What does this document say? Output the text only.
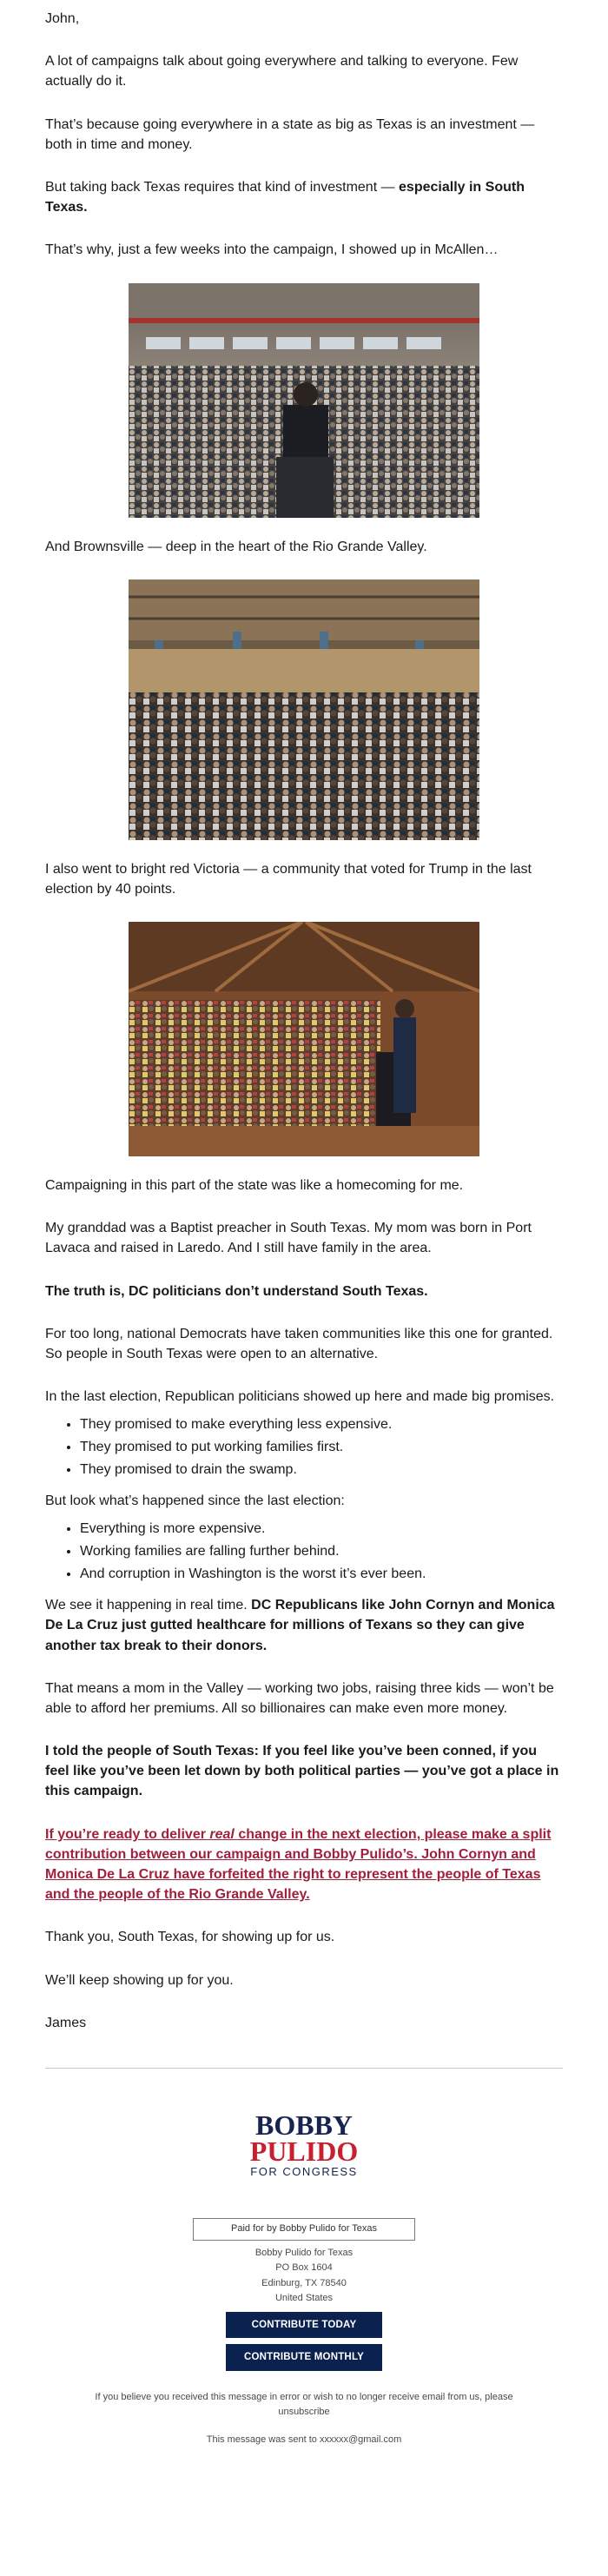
John,
A lot of campaigns talk about going everywhere and talking to everyone. Few actually do it.
That’s because going everywhere in a state as big as Texas is an investment — both in time and money.
But taking back Texas requires that kind of investment — especially in South Texas.
That’s why, just a few weeks into the campaign, I showed up in McAllen…
And Brownsville — deep in the heart of the Rio Grande Valley.
I also went to bright red Victoria — a community that voted for Trump in the last election by 40 points.
Campaigning in this part of the state was like a homecoming for me.
My granddad was a Baptist preacher in South Texas. My mom was born in Port Lavaca and raised in Laredo. And I still have family in the area.
The truth is, DC politicians don’t understand South Texas.
For too long, national Democrats have taken communities like this one for granted. So people in South Texas were open to an alternative.
In the last election, Republican politicians showed up here and made big promises.
• They promised to make everything less expensive.
• They promised to put working families first.
• They promised to drain the swamp.
But look what’s happened since the last election:
• Everything is more expensive.
• Working families are falling further behind.
• And corruption in Washington is the worst it’s ever been.
We see it happening in real time. DC Republicans like John Cornyn and Monica De La Cruz just gutted healthcare for millions of Texans so they can give another tax break to their donors.
That means a mom in the Valley — working two jobs, raising three kids — won’t be able to afford her premiums. All so billionaires can make even more money.
I told the people of South Texas: If you feel like you’ve been conned, if you feel like you’ve been let down by both political parties — you’ve got a place in this campaign.
If you’re ready to deliver real change in the next election, please make a split contribution between our campaign and Bobby Pulido’s. John Cornyn and Monica De La Cruz have forfeited the right to represent the people of Texas and the people of the Rio Grande Valley.
Thank you, South Texas, for showing up for us.
We’ll keep showing up for you.
James
BOBBY
PULIDO
FOR CONGRESS
Paid for by Bobby Pulido for Texas

Bobby Pulido for Texas

PO Box 1604

Edinburg, TX 78540

United States

CONTRIBUTE TODAY
CONTRIBUTE MONTHLY
If you believe you received this message in error or wish to no longer receive email from us, please
unsubscribe
This message was sent to xxxxxx@gmail.com
